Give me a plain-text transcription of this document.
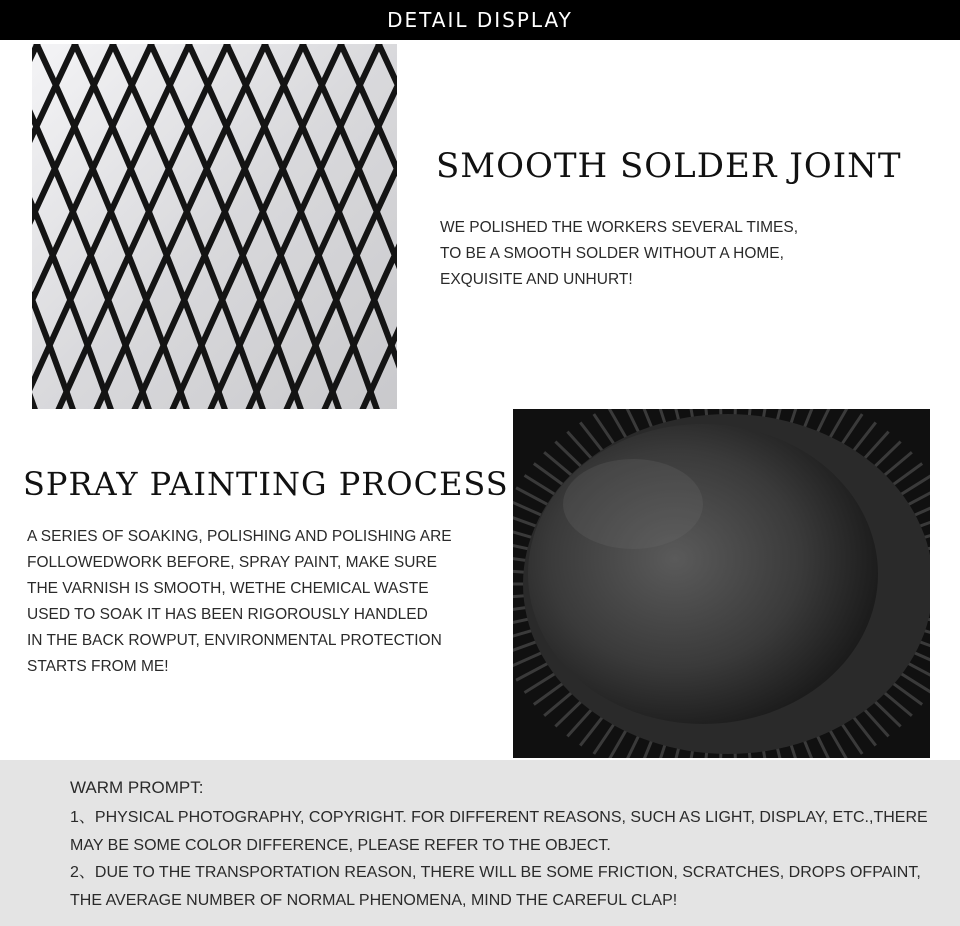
DETAIL DISPLAY
SMOOTH SOLDER JOINT
WE POLISHED THE WORKERS SEVERAL TIMES,
TO BE A SMOOTH SOLDER WITHOUT A HOME,
EXQUISITE AND UNHURT!
SPRAY PAINTING PROCESS
A SERIES OF SOAKING, POLISHING AND POLISHING ARE
FOLLOWEDWORK BEFORE, SPRAY PAINT, MAKE SURE
THE VARNISH IS SMOOTH, WETHE CHEMICAL WASTE
USED TO SOAK IT HAS BEEN RIGOROUSLY HANDLED
IN THE BACK ROWPUT, ENVIRONMENTAL PROTECTION
STARTS FROM ME!
WARM PROMPT:
1、PHYSICAL PHOTOGRAPHY, COPYRIGHT. FOR DIFFERENT REASONS, SUCH AS LIGHT, DISPLAY, ETC.,THERE
MAY BE SOME COLOR DIFFERENCE, PLEASE REFER TO THE OBJECT.
2、DUE TO THE TRANSPORTATION REASON, THERE WILL BE SOME FRICTION, SCRATCHES, DROPS OFPAINT,
THE AVERAGE NUMBER OF NORMAL PHENOMENA, MIND THE CAREFUL CLAP!
